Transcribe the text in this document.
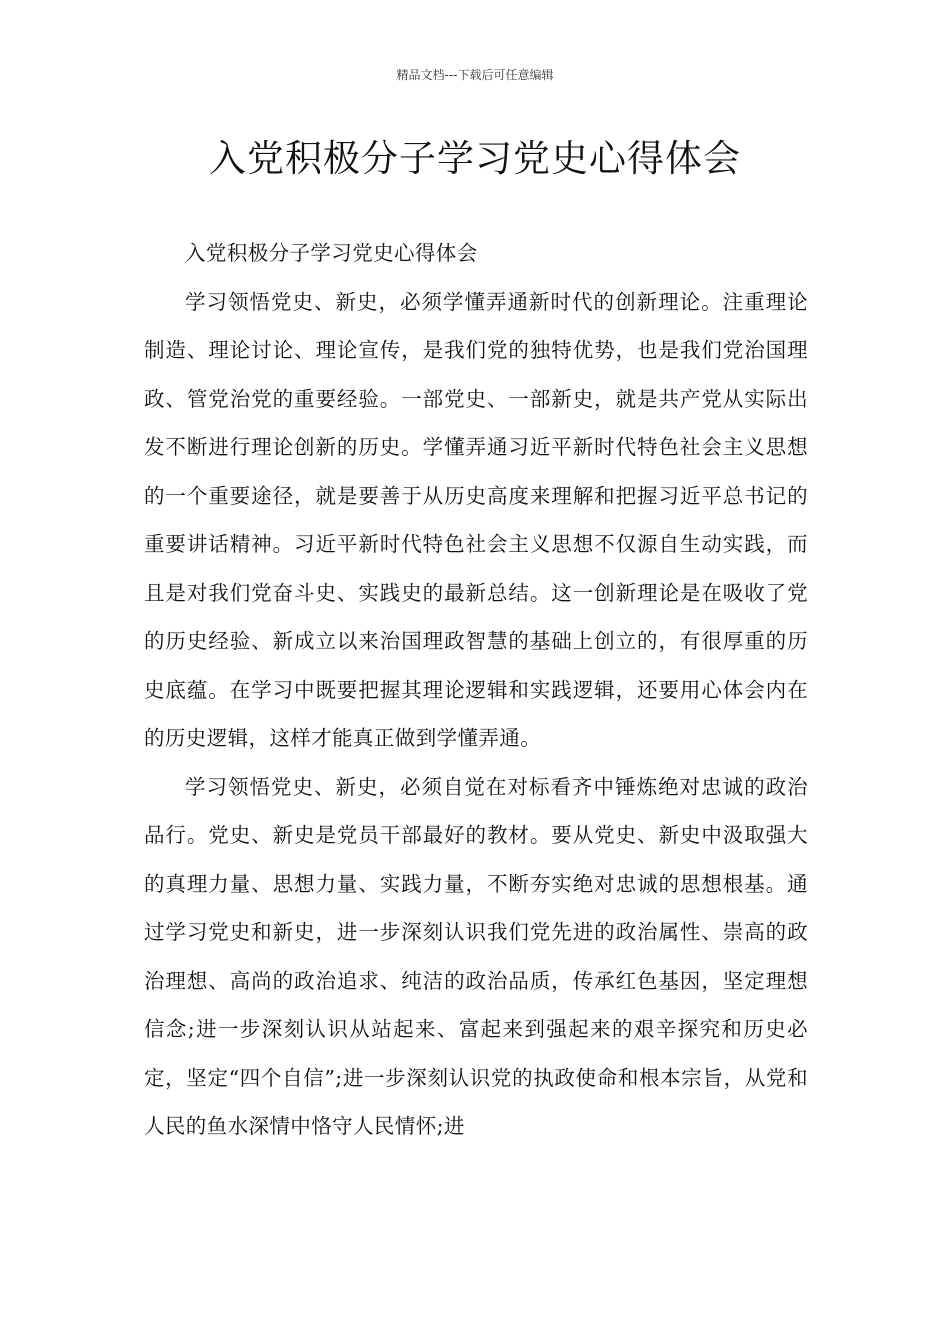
精品文档---下载后可任意编辑
入党积极分子学习党史心得体会

入党积极分子学习党史心得体会

学习领悟党史、新史，必须学懂弄通新时代的创新理论。注重理论制造、理论讨论、理论宣传，是我们党的独特优势，也是我们党治国理政、管党治党的重要经验。一部党史、一部新史，就是共产党从实际出发不断进行理论创新的历史。学懂弄通习近平新时代特色社会主义思想的一个重要途径，就是要善于从历史高度来理解和把握习近平总书记的重要讲话精神。习近平新时代特色社会主义思想不仅源自生动实践，而且是对我们党奋斗史、实践史的最新总结。这一创新理论是在吸收了党的历史经验、新成立以来治国理政智慧的基础上创立的，有很厚重的历史底蕴。在学习中既要把握其理论逻辑和实践逻辑，还要用心体会内在的历史逻辑，这样才能真正做到学懂弄通。

学习领悟党史、新史，必须自觉在对标看齐中锤炼绝对忠诚的政治品行。党史、新史是党员干部最好的教材。要从党史、新史中汲取强大的真理力量、思想力量、实践力量，不断夯实绝对忠诚的思想根基。通过学习党史和新史，进一步深刻认识我们党先进的政治属性、崇高的政治理想、高尚的政治追求、纯洁的政治品质，传承红色基因，坚定理想信念;进一步深刻认识从站起来、富起来到强起来的艰辛探究和历史必定，坚定“四个自信”;进一步深刻认识党的执政使命和根本宗旨，从党和人民的鱼水深情中恪守人民情怀;进
